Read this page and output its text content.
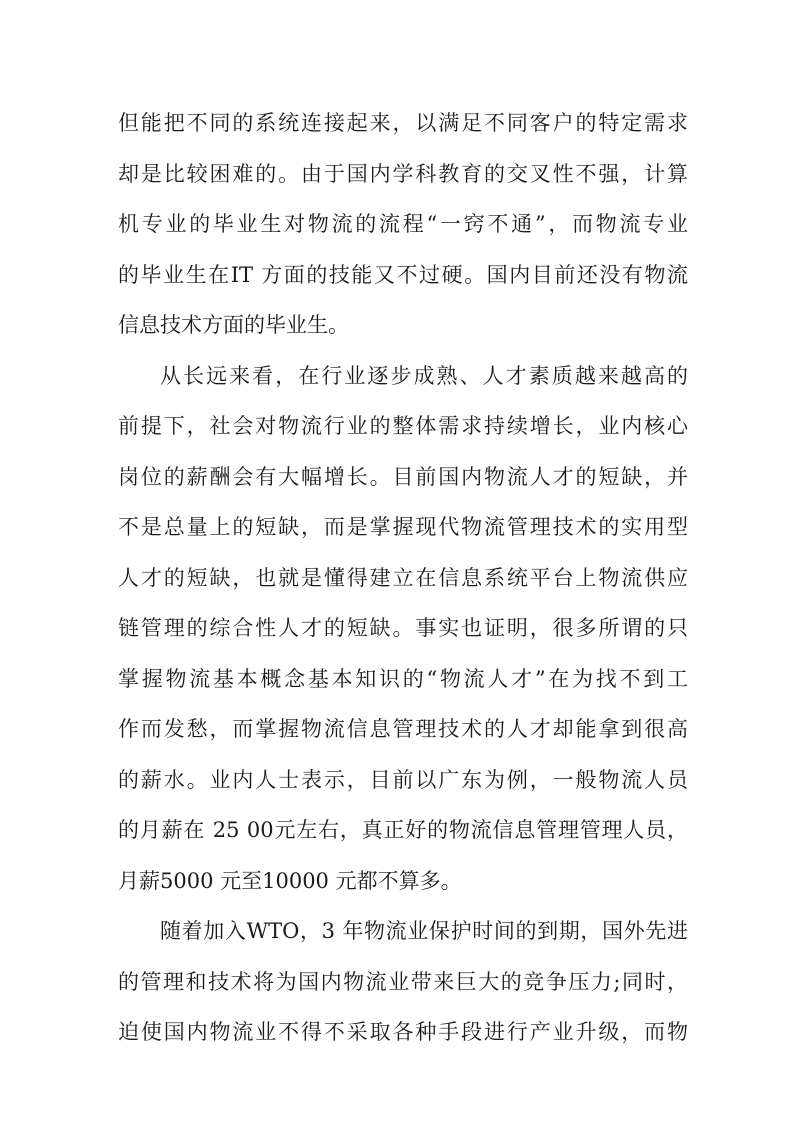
但能把不同的系统连接起来，以满足不同客户的特定需求
却是比较困难的。由于国内学科教育的交叉性不强，计算
机专业的毕业生对物流的流程“一窍不通”，而物流专业
的毕业生在IT 方面的技能又不过硬。国内目前还没有物流
信息技术方面的毕业生。
从长远来看，在行业逐步成熟、人才素质越来越高的
前提下，社会对物流行业的整体需求持续增长，业内核心
岗位的薪酬会有大幅增长。目前国内物流人才的短缺，并
不是总量上的短缺，而是掌握现代物流管理技术的实用型
人才的短缺，也就是懂得建立在信息系统平台上物流供应
链管理的综合性人才的短缺。事实也证明，很多所谓的只
掌握物流基本概念基本知识的“物流人才”在为找不到工
作而发愁，而掌握物流信息管理技术的人才却能拿到很高
的薪水。业内人士表示，目前以广东为例，一般物流人员
的月薪在 25 00元左右，真正好的物流信息管理管理人员，
月薪5000 元至10000 元都不算多。
随着加入WTO，3 年物流业保护时间的到期，国外先进
的管理和技术将为国内物流业带来巨大的竞争压力;同时，
迫使国内物流业不得不采取各种手段进行产业升级，而物
